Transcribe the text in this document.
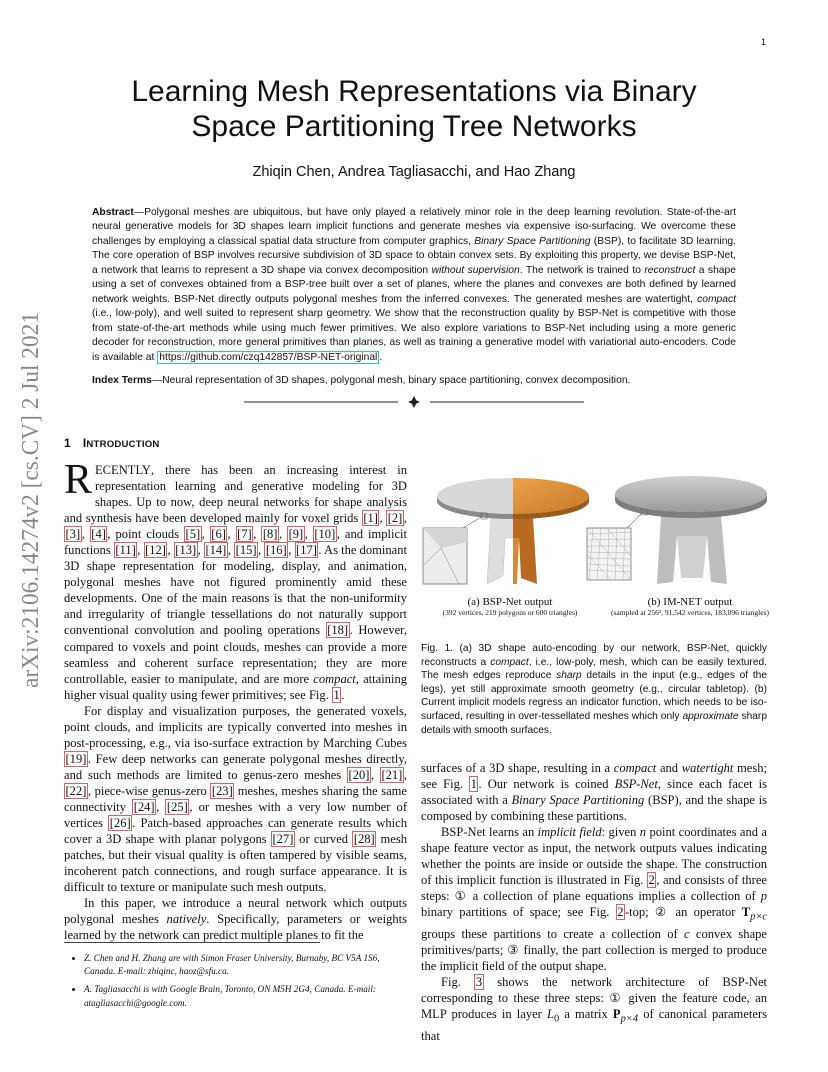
1
arXiv:2106.14274v2 [cs.CV] 2 Jul 2021
Learning Mesh Representations via Binary
Space Partitioning Tree Networks
Zhiqin Chen, Andrea Tagliasacchi, and Hao Zhang

Abstract—Polygonal meshes are ubiquitous, but have only played a relatively minor role in the deep learning revolution. State-of-the-art neural generative models for 3D shapes learn implicit functions and generate meshes via expensive iso-surfacing. We overcome these challenges by employing a classical spatial data structure from computer graphics, Binary Space Partitioning (BSP), to facilitate 3D learning. The core operation of BSP involves recursive subdivision of 3D space to obtain convex sets. By exploiting this property, we devise BSP-Net, a network that learns to represent a 3D shape via convex decomposition without supervision. The network is trained to reconstruct a shape using a set of convexes obtained from a BSP-tree built over a set of planes, where the planes and convexes are both defined by learned network weights. BSP-Net directly outputs polygonal meshes from the inferred convexes. The generated meshes are watertight, compact (i.e., low-poly), and well suited to represent sharp geometry. We show that the reconstruction quality by BSP-Net is competitive with those from state-of-the-art methods while using much fewer primitives. We also explore variations to BSP-Net including using a more generic decoder for reconstruction, more general primitives than planes, as well as training a generative model with variational auto-encoders. Code is available at https://github.com/czq142857/BSP-NET-original .

Index Terms—Neural representation of 3D shapes, polygonal mesh, binary space partitioning, convex decomposition.
1 INTRODUCTION

RECENTLY, there has been an increasing interest in representation learning and generative modeling for 3D shapes. Up to now, deep neural networks for shape analysis and synthesis have been developed mainly for voxel grids [1] , [2] , [3] , [4] , point clouds [5] , [6] , [7] , [8] , [9] , [10] , and implicit functions [11] , [12] , [13] , [14] , [15] , [16] , [17] . As the dominant 3D shape representation for modeling, display, and animation, polygonal meshes have not figured prominently amid these developments. One of the main reasons is that the non-uniformity and irregularity of triangle tessellations do not naturally support conventional convolution and pooling operations [18] . However, compared to voxels and point clouds, meshes can provide a more seamless and coherent surface representation; they are more controllable, easier to manipulate, and are more compact, attaining higher visual quality using fewer primitives; see Fig. 1 .

For display and visualization purposes, the generated voxels, point clouds, and implicits are typically converted into meshes in post-processing, e.g., via iso-surface extraction by Marching Cubes [19] . Few deep networks can generate polygonal meshes directly, and such methods are limited to genus-zero meshes [20] , [21] , [22] , piece-wise genus-zero [23] meshes, meshes sharing the same connectivity [24] , [25] , or meshes with a very low number of vertices [26] . Patch-based approaches can generate results which cover a 3D shape with planar polygons [27] or curved [28] mesh patches, but their visual quality is often tampered by visible seams, incoherent patch connections, and rough surface appearance. It is difficult to texture or manipulate such mesh outputs.

In this paper, we introduce a neural network which outputs polygonal meshes natively. Specifically, parameters or weights learned by the network can predict multiple planes to fit the

• Z. Chen and H. Zhang are with Simon Fraser University, Burnaby, BC V5A 1S6, Canada. E-mail: zhiqinc, haoz@sfu.ca.
• A. Tagliasacchi is with Google Brain, Toronto, ON M5H 2G4, Canada. E-mail: atagliasacchi@google.com.
(a) BSP-Net output
(392 vertices, 219 polygons or 600 triangles)
(b) IM-NET output
(sampled at 256³, 91,542 vertices, 183,096 triangles)
Fig. 1. (a) 3D shape auto-encoding by our network, BSP-Net, quickly reconstructs a compact, i.e., low-poly, mesh, which can be easily textured. The mesh edges reproduce sharp details in the input (e.g., edges of the legs), yet still approximate smooth geometry (e.g., circular tabletop). (b) Current implicit models regress an indicator function, which needs to be iso-surfaced, resulting in over-tessellated meshes which only approximate sharp details with smooth surfaces.

surfaces of a 3D shape, resulting in a compact and watertight mesh; see Fig. 1 . Our network is coined BSP-Net, since each facet is associated with a Binary Space Partitioning (BSP), and the shape is composed by combining these partitions.

BSP-Net learns an implicit field: given n point coordinates and a shape feature vector as input, the network outputs values indicating whether the points are inside or outside the shape. The construction of this implicit function is illustrated in Fig. 2 , and consists of three steps: ① a collection of plane equations implies a collection of p binary partitions of space; see Fig. 2 -top; ② an operator $T_{p\times c}$ groups these partitions to create a collection of c convex shape primitives/parts; ③ finally, the part collection is merged to produce the implicit field of the output shape.

Fig. 3 shows the network architecture of BSP-Net corresponding to these three steps: ① given the feature code, an MLP produces in layer $L_0$ a matrix $P_{p\times 4}$ of canonical parameters that
